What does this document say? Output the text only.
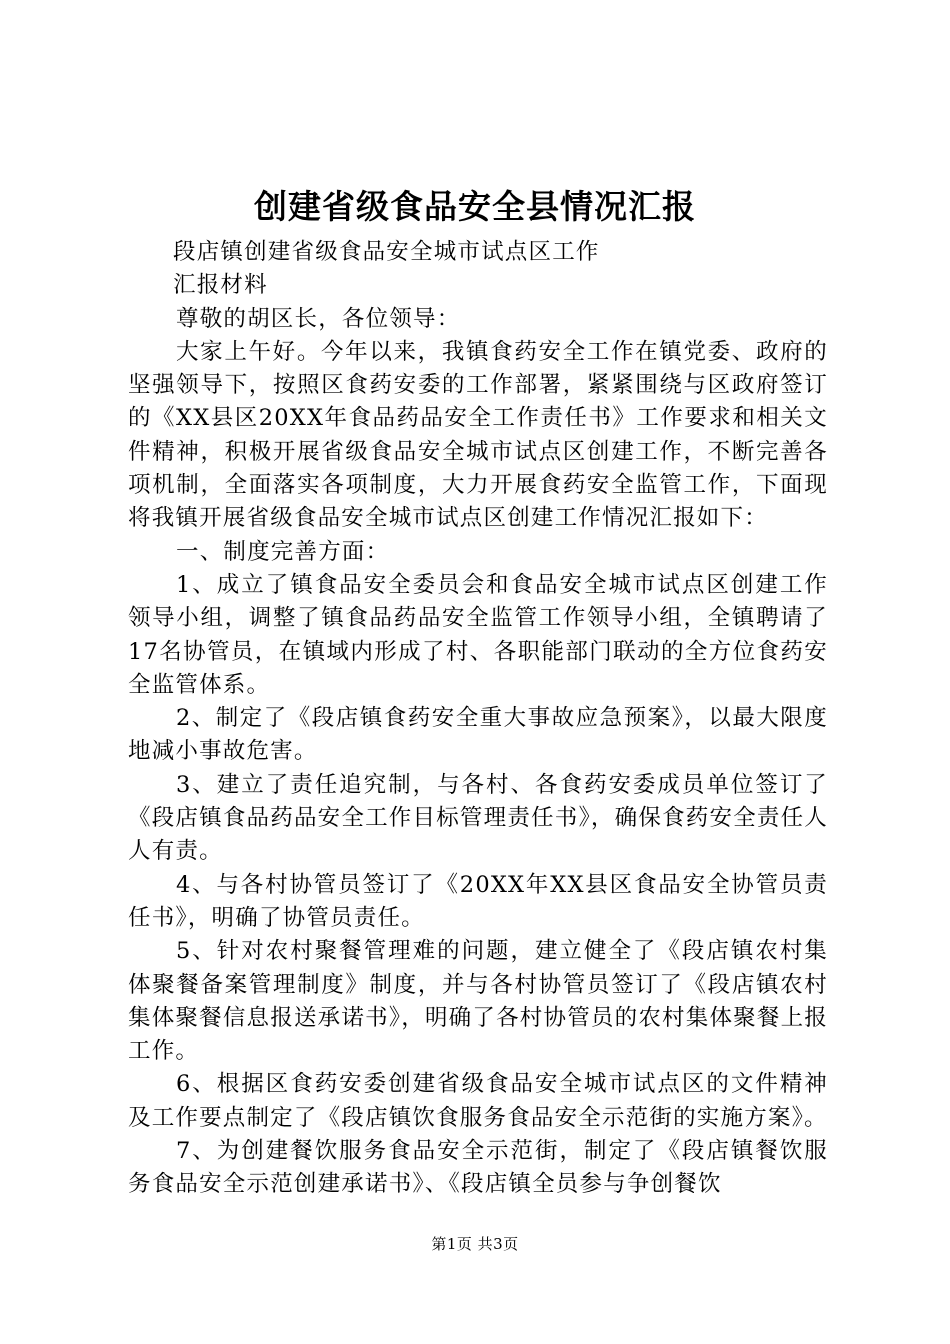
创建省级食品安全县情况汇报

段店镇创建省级食品安全城市试点区工作

汇报材料

尊敬的胡区长，各位领导：

大家上午好。今年以来，我镇食药安全工作在镇党委、政府的坚强领导下，按照区食药安委的工作部署，紧紧围绕与区政府签订的《XX县区20XX年食品药品安全工作责任书》工作要求和相关文件精神，积极开展省级食品安全城市试点区创建工作，不断完善各项机制，全面落实各项制度，大力开展食药安全监管工作，下面现将我镇开展省级食品安全城市试点区创建工作情况汇报如下：

一、制度完善方面：

1、成立了镇食品安全委员会和食品安全城市试点区创建工作领导小组，调整了镇食品药品安全监管工作领导小组，全镇聘请了17名协管员，在镇域内形成了村、各职能部门联动的全方位食药安全监管体系。

2、制定了《段店镇食药安全重大事故应急预案》，以最大限度地减小事故危害。

3、建立了责任追究制，与各村、各食药安委成员单位签订了《段店镇食品药品安全工作目标管理责任书》，确保食药安全责任人人有责。

4、与各村协管员签订了《20XX年XX县区食品安全协管员责任书》，明确了协管员责任。

5、针对农村聚餐管理难的问题，建立健全了《段店镇农村集体聚餐备案管理制度》制度，并与各村协管员签订了《段店镇农村集体聚餐信息报送承诺书》，明确了各村协管员的农村集体聚餐上报工作。

6、根据区食药安委创建省级食品安全城市试点区的文件精神及工作要点制定了《段店镇饮食服务食品安全示范街的实施方案》。

7、为创建餐饮服务食品安全示范街，制定了《段店镇餐饮服务食品安全示范创建承诺书》、《段店镇全员参与争创餐饮

第1页 共3页
